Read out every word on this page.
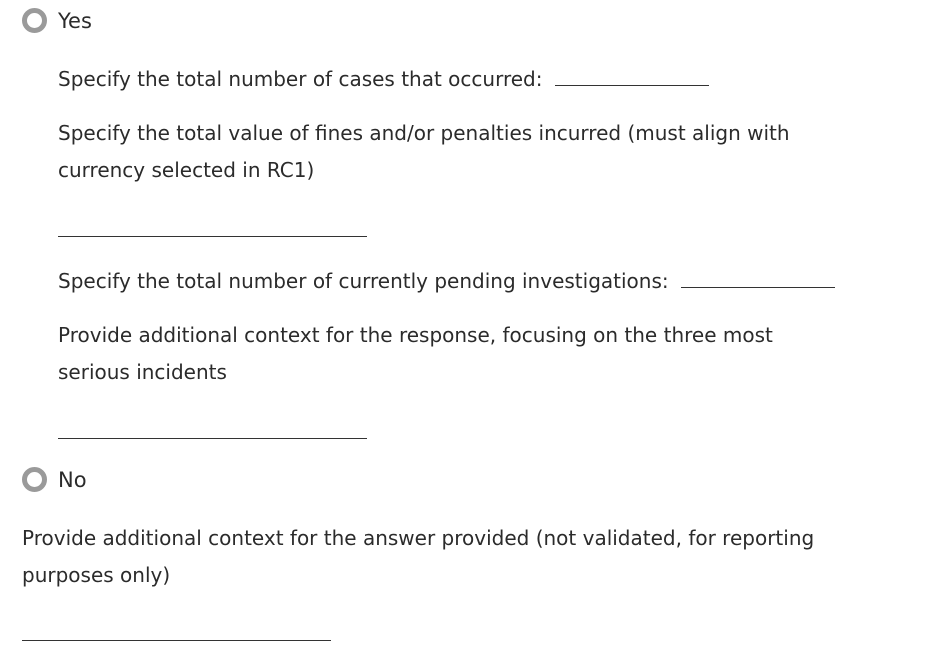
Yes
Specify the total number of cases that occurred:
Specify the total value of fines and/or penalties incurred (must align with
currency selected in RC1)
Specify the total number of currently pending investigations:
Provide additional context for the response, focusing on the three most
serious incidents
No
Provide additional context for the answer provided (not validated, for reporting
purposes only)
